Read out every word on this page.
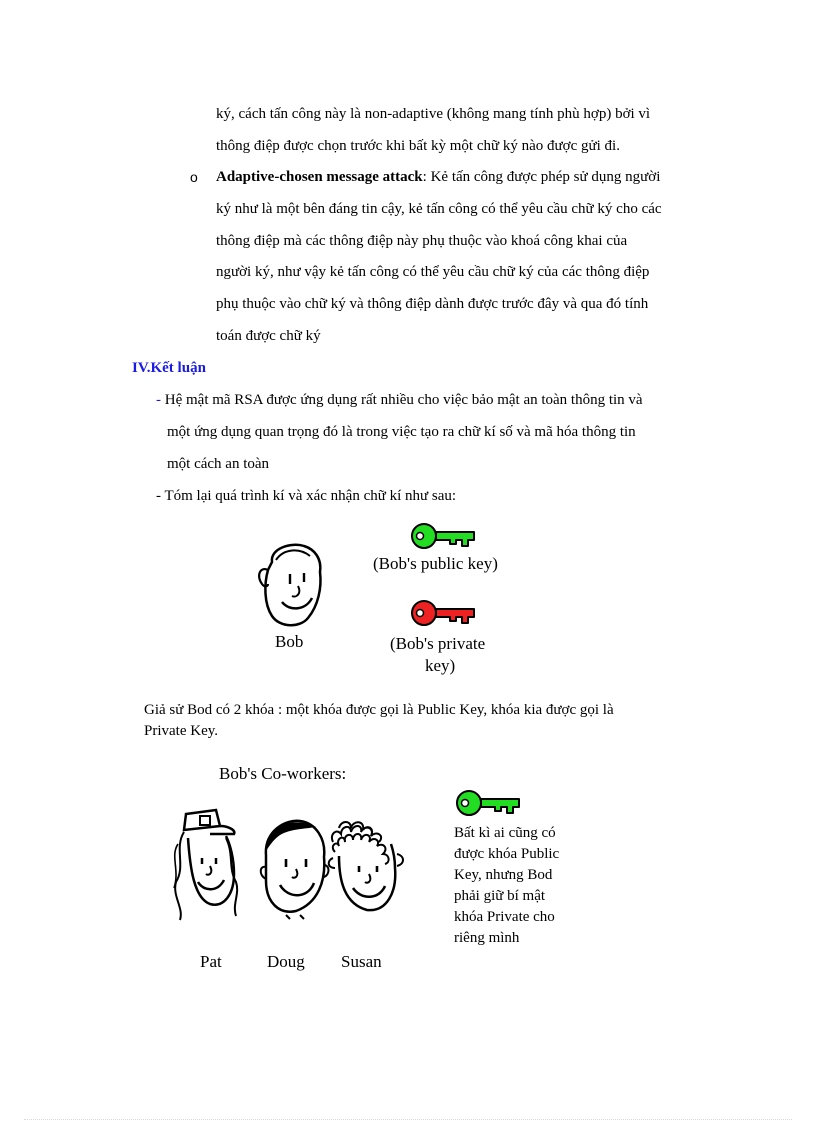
ký, cách tấn công này là non-adaptive (không mang tính phù hợp) bởi vì
thông điệp được chọn trước khi bất kỳ một chữ ký nào được gửi đi.
o Adaptive-chosen message attack: Kẻ tấn công được phép sử dụng người
ký như là một bên đáng tin cậy, kẻ tấn công có thể yêu cầu chữ ký cho các
thông điệp mà các thông điệp này phụ thuộc vào khoá công khai của
người ký, như vậy kẻ tấn công có thể yêu cầu chữ ký của các thông điệp
phụ thuộc vào chữ ký và thông điệp dành được trước đây và qua đó tính
toán được chữ ký
IV.Kết luận
- Hệ mật mã RSA được ứng dụng rất nhiều cho việc bảo mật an toàn thông tin và
một ứng dụng quan trọng đó là trong việc tạo ra chữ kí số và mã hóa thông tin
một cách an toàn
- Tóm lại quá trình kí và xác nhận chữ kí như sau:
Bob
(Bob's public key)
(Bob's private
key)
Giả sử Bod có 2 khóa : một khóa được gọi là Public Key, khóa kia được gọi là
Private Key.
Bob's Co-workers:
Pat	Doug Susan
Bất kì ai cũng có
được khóa Public
Key, nhưng Bod
phải giữ bí mật
khóa Private cho
riêng mình
